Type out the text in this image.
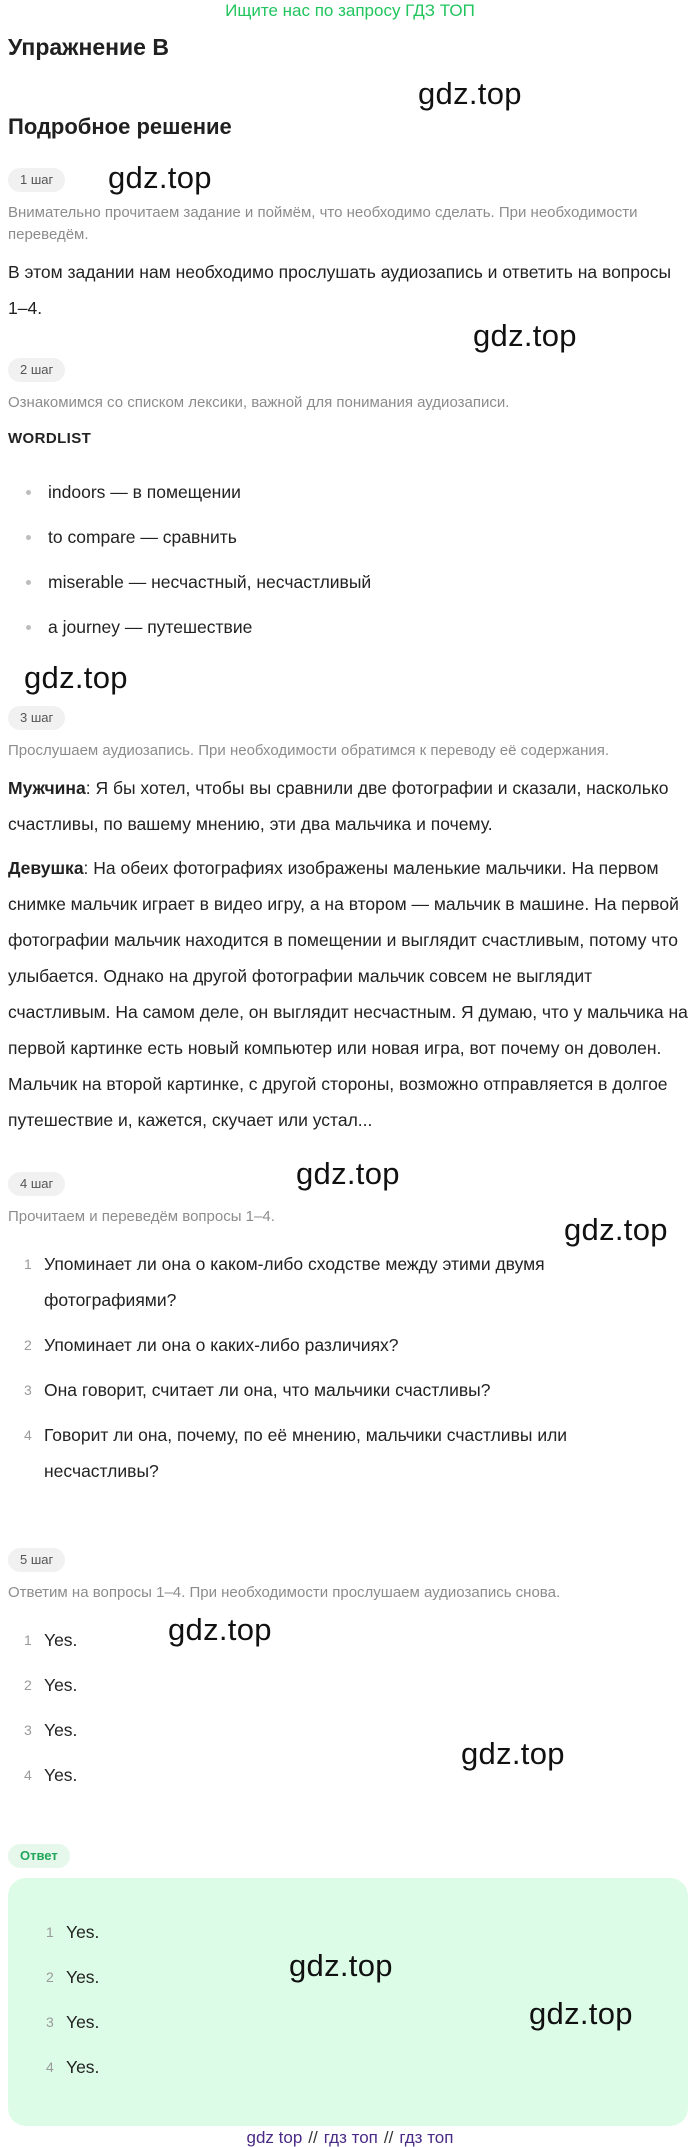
Ищите нас по запросу ГДЗ ТОП
Упражнение B
Подробное решение
1 шаг
Внимательно прочитаем задание и поймём, что необходимо сделать. При необходимости переведём.
В этом задании нам необходимо прослушать аудиозапись и ответить на вопросы 1–4.
2 шаг
Ознакомимся со списком лексики, важной для понимания аудиозаписи.
WORDLIST
indoors — в помещении
to compare — сравнить
miserable — несчастный, несчастливый
a journey — путешествие
3 шаг
Прослушаем аудиозапись. При необходимости обратимся к переводу её содержания.
Мужчина: Я бы хотел, чтобы вы сравнили две фотографии и сказали, насколько счастливы, по вашему мнению, эти два мальчика и почему.
Девушка: На обеих фотографиях изображены маленькие мальчики. На первом снимке мальчик играет в видео игру, а на втором — мальчик в машине. На первой фотографии мальчик находится в помещении и выглядит счастливым, потому что улыбается. Однако на другой фотографии мальчик совсем не выглядит счастливым. На самом деле, он выглядит несчастным. Я думаю, что у мальчика на первой картинке есть новый компьютер или новая игра, вот почему он доволен. Мальчик на второй картинке, с другой стороны, возможно отправляется в долгое путешествие и, кажется, скучает или устал...
4 шаг
Прочитаем и переведём вопросы 1–4.
1 Упоминает ли она о каком-либо сходстве между этими двумя фотографиями?
2 Упоминает ли она о каких-либо различиях?
3 Она говорит, считает ли она, что мальчики счастливы?
4 Говорит ли она, почему, по её мнению, мальчики счастливы или несчастливы?
5 шаг
Ответим на вопросы 1–4. При необходимости прослушаем аудиозапись снова.
1 Yes.
2 Yes.
3 Yes.
4 Yes.
Ответ
1 Yes.
2 Yes.
3 Yes.
4 Yes.
gdz.top
gdz.top
gdz.top
gdz.top
gdz.top
gdz.top
gdz.top
gdz.top
gdz.top
gdz.top
gdz top // гдз топ // гдз топ
